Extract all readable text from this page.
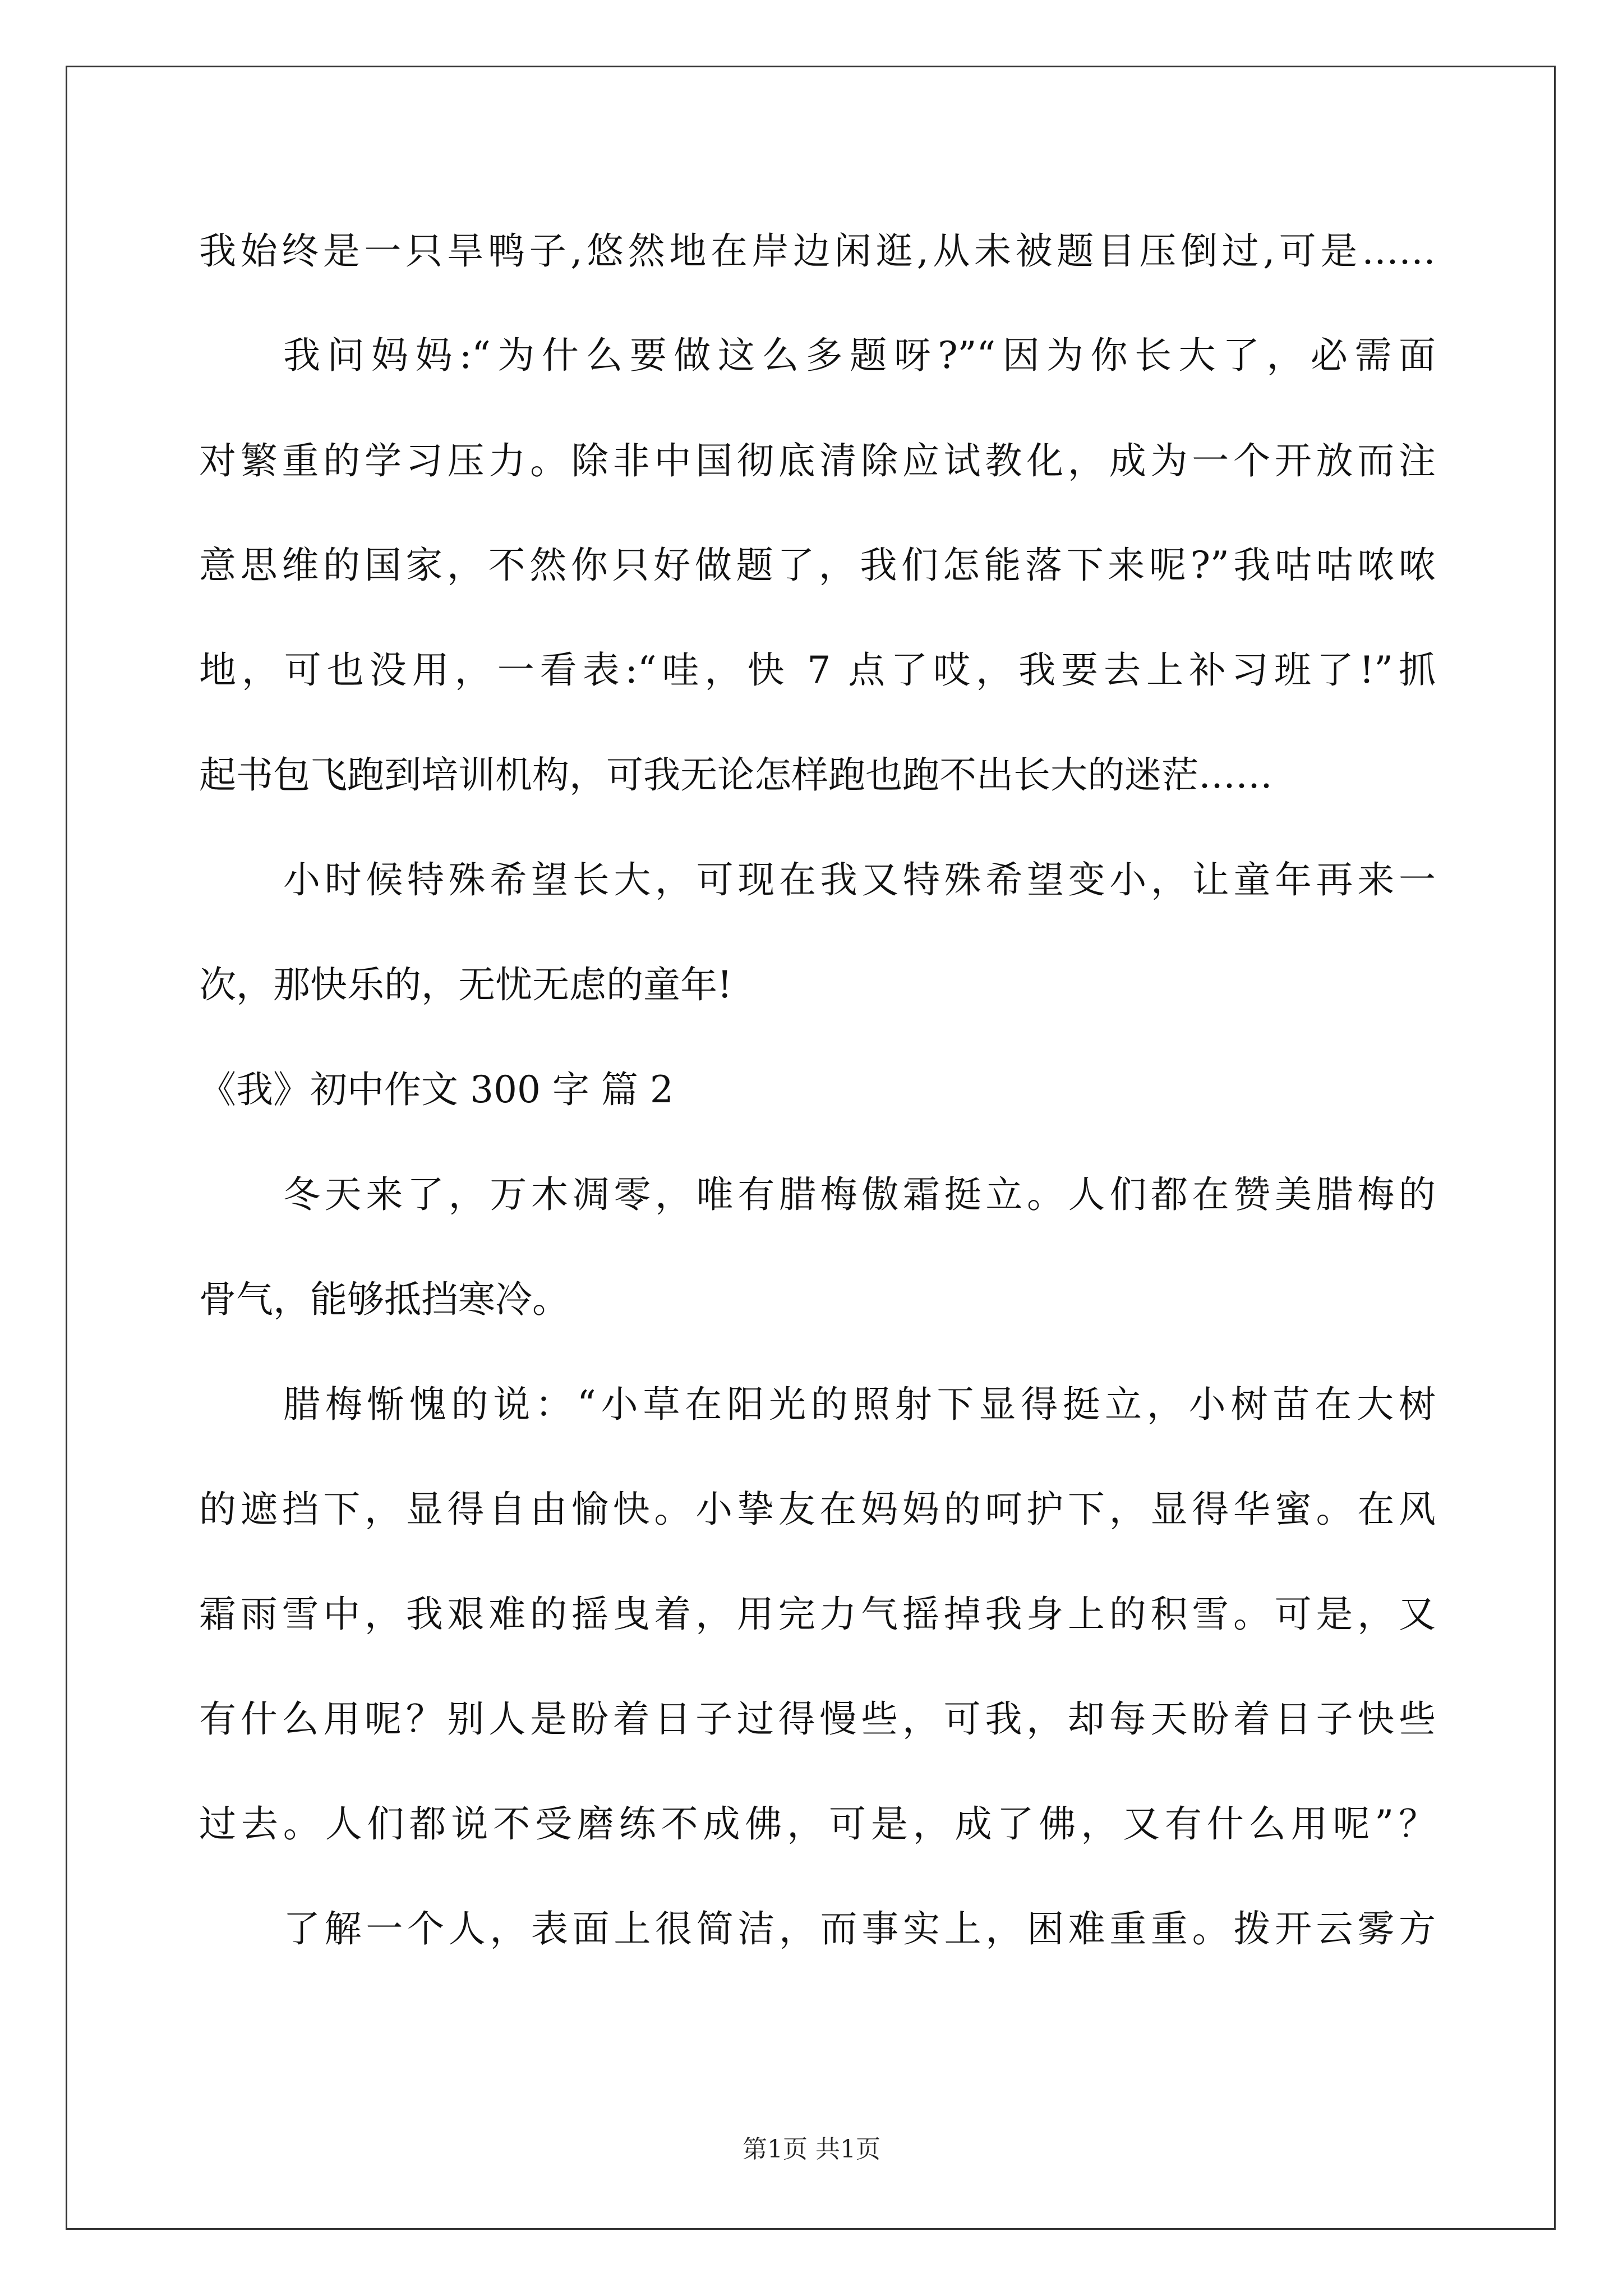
我始终是一只旱鸭子,悠然地在岸边闲逛,从未被题目压倒过,可是……
我问妈妈:“为什么要做这么多题呀?”“因为你长大了，必需面
对繁重的学习压力。除非中国彻底清除应试教化，成为一个开放而注
意思维的国家，不然你只好做题了，我们怎能落下来呢?”我咕咕哝哝
地，可也没用，一看表:“哇，快 7 点了哎，我要去上补习班了!”抓
起书包飞跑到培训机构，可我无论怎样跑也跑不出长大的迷茫……
小时候特殊希望长大，可现在我又特殊希望变小，让童年再来一
次，那快乐的，无忧无虑的童年!
《我》初中作文 300 字 篇 2
冬天来了，万木凋零，唯有腊梅傲霜挺立。人们都在赞美腊梅的
骨气，能够抵挡寒冷。
腊梅惭愧的说：“小草在阳光的照射下显得挺立，小树苗在大树
的遮挡下，显得自由愉快。小挚友在妈妈的呵护下，显得华蜜。在风
霜雨雪中，我艰难的摇曳着，用完力气摇掉我身上的积雪。可是，又
有什么用呢？别人是盼着日子过得慢些，可我，却每天盼着日子快些
过去。人们都说不受磨练不成佛，可是，成了佛，又有什么用呢”？
了解一个人，表面上很简洁，而事实上，困难重重。拨开云雾方
第1页 共1页
